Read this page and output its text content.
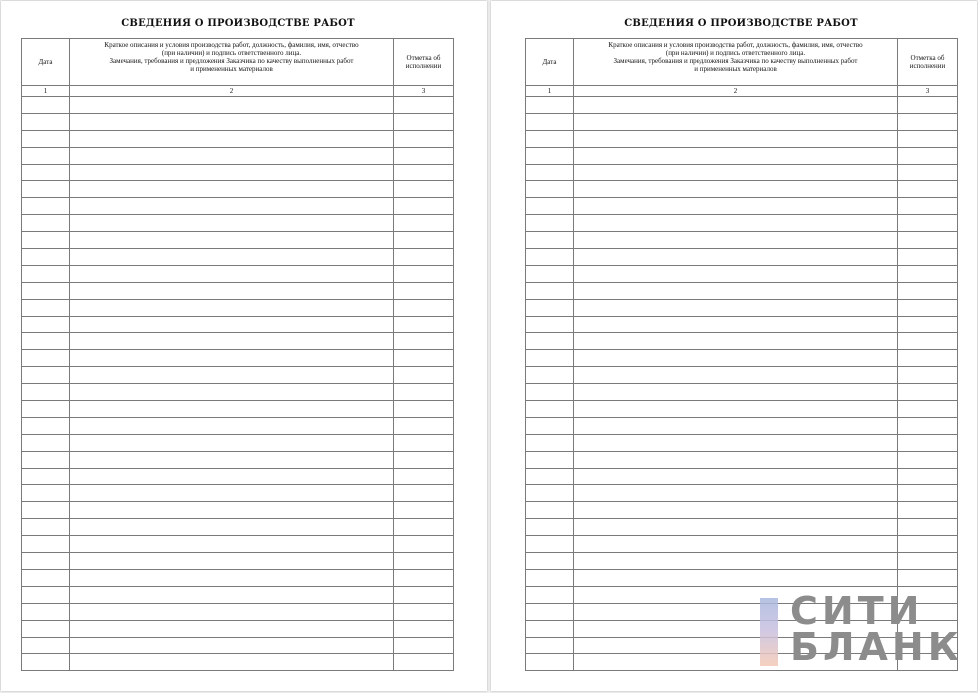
СВЕДЕНИЯ О ПРОИЗВОДСТВЕ РАБОТ
Дата	Краткое описания и условия производства работ, должность, фамилия, имя, отчество
(при наличии) и подпись ответственного лица.
Замечания, требования и предложения Заказчика по качеству выполненных работ
и примененных материалов	Отметка об исполнении
1	2	3

СВЕДЕНИЯ О ПРОИЗВОДСТВЕ РАБОТ
Дата	Краткое описания и условия производства работ, должность, фамилия, имя, отчество
(при наличии) и подпись ответственного лица.
Замечания, требования и предложения Заказчика по качеству выполненных работ
и примененных материалов	Отметка об исполнении
1	2	3

СИТИ
БЛАНК
